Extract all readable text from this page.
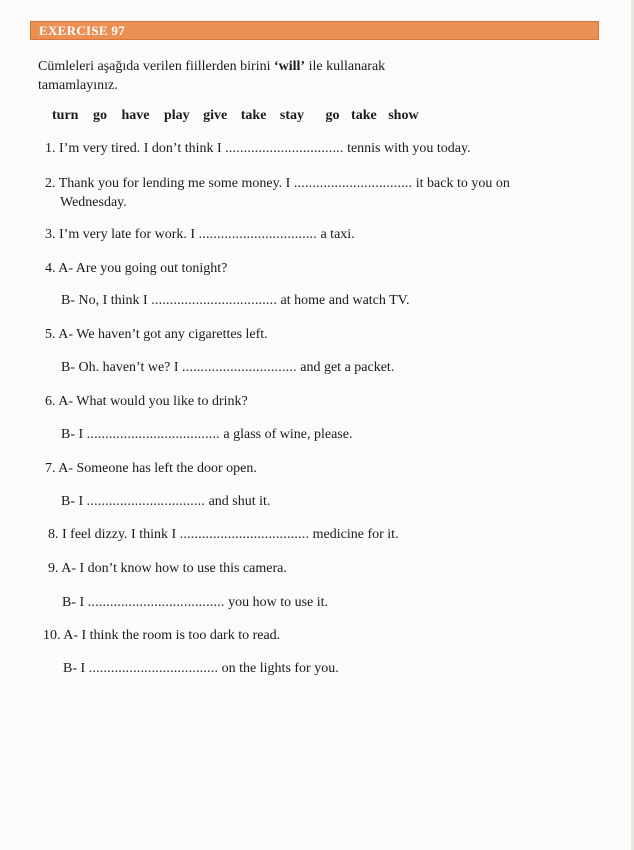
EXERCISE 97
Cümleleri aşağıda verilen fiillerden birini ‘will’ ile kullanarak tamamlayınız.
turn go have play give take stay go take show
1. I’m very tired. I don’t think I ................................ tennis with you today.
2. Thank you for lending me some money. I ................................ it back to you on
Wednesday.
3. I’m very late for work. I ................................ a taxi.
4. A- Are you going out tonight?
B- No, I think I .................................. at home and watch TV.
5. A- We haven’t got any cigarettes left.
B- Oh. haven’t we? I ............................... and get a packet.
6. A- What would you like to drink?
B- I .................................... a glass of wine, please.
7. A- Someone has left the door open.
B- I ................................ and shut it.
8. I feel dizzy. I think I ................................... medicine for it.
9. A- I don’t know how to use this camera.
B- I ..................................... you how to use it.
10. A- I think the room is too dark to read.
B- I ................................... on the lights for you.
